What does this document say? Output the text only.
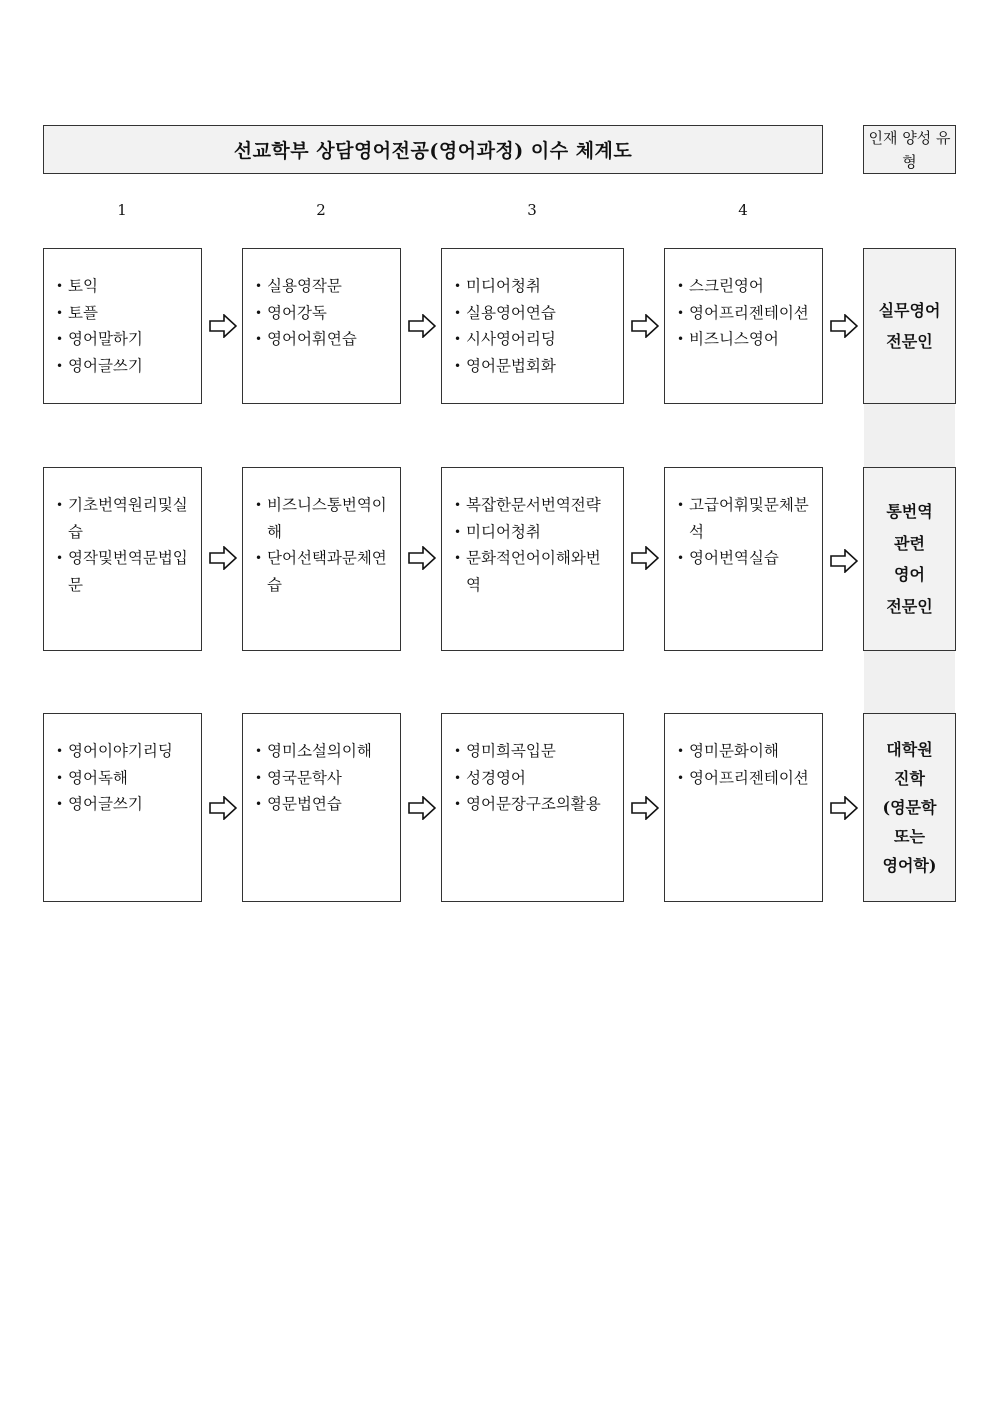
선교학부 상담영어전공(영어과정) 이수 체계도
인재 양성 유형
1	2	3	4
• 토익
• 토플
• 영어말하기
• 영어글쓰기
• 실용영작문
• 영어강독
• 영어어휘연습
• 미디어청취
• 실용영어연습
• 시사영어리딩
• 영어문법회화
• 스크린영어
• 영어프리젠테이션
• 비즈니스영어
실무영어
전문인
• 기초번역원리및실습
• 영작및번역문법입문
• 비즈니스통번역이해
• 단어선택과문체연습
• 복잡한문서번역전략
• 미디어청취
• 문화적언어이해와번역
• 고급어휘및문체분석
• 영어번역실습
통번역
관련
영어
전문인
• 영어이야기리딩
• 영어독해
• 영어글쓰기
• 영미소설의이해
• 영국문학사
• 영문법연습
• 영미희곡입문
• 성경영어
• 영어문장구조의활용
• 영미문화이해
• 영어프리젠테이션
대학원
진학
(영문학
또는
영어학)
